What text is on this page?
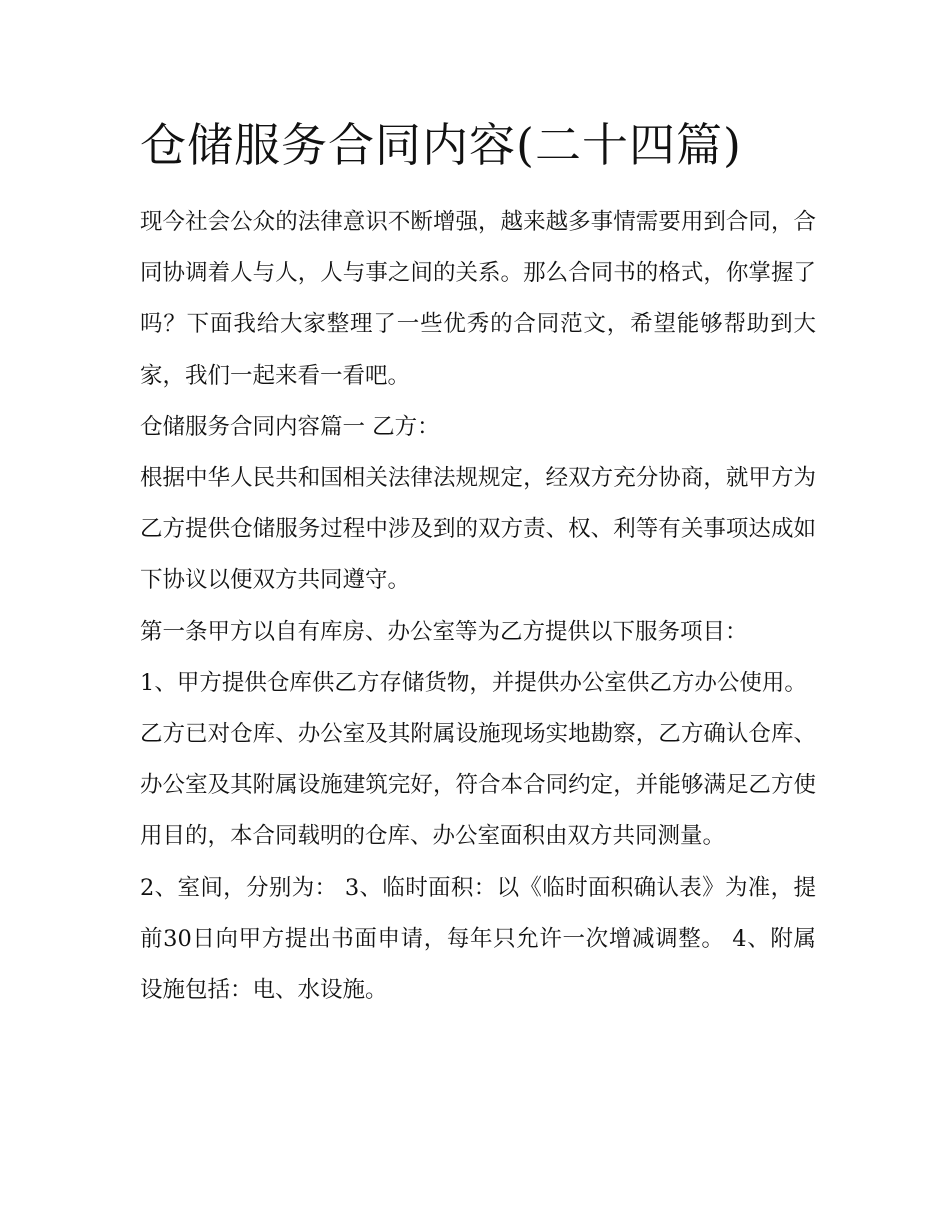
仓储服务合同内容(二十四篇)

现今社会公众的法律意识不断增强，越来越多事情需要用到合同，合同协调着人与人，人与事之间的关系。那么合同书的格式，你掌握了吗？下面我给大家整理了一些优秀的合同范文，希望能够帮助到大家，我们一起来看一看吧。

仓储服务合同内容篇一 乙方：

根据中华人民共和国相关法律法规规定，经双方充分协商，就甲方为乙方提供仓储服务过程中涉及到的双方责、权、利等有关事项达成如下协议以便双方共同遵守。

第一条甲方以自有库房、办公室等为乙方提供以下服务项目：

1、甲方提供仓库供乙方存储货物，并提供办公室供乙方办公使用。

乙方已对仓库、办公室及其附属设施现场实地勘察，乙方确认仓库、办公室及其附属设施建筑完好，符合本合同约定，并能够满足乙方使用目的，本合同载明的仓库、办公室面积由双方共同测量。

2、室间，分别为： 3、临时面积：以《临时面积确认表》为准，提前30日向甲方提出书面申请，每年只允许一次增减调整。 4、附属设施包括：电、水设施。
